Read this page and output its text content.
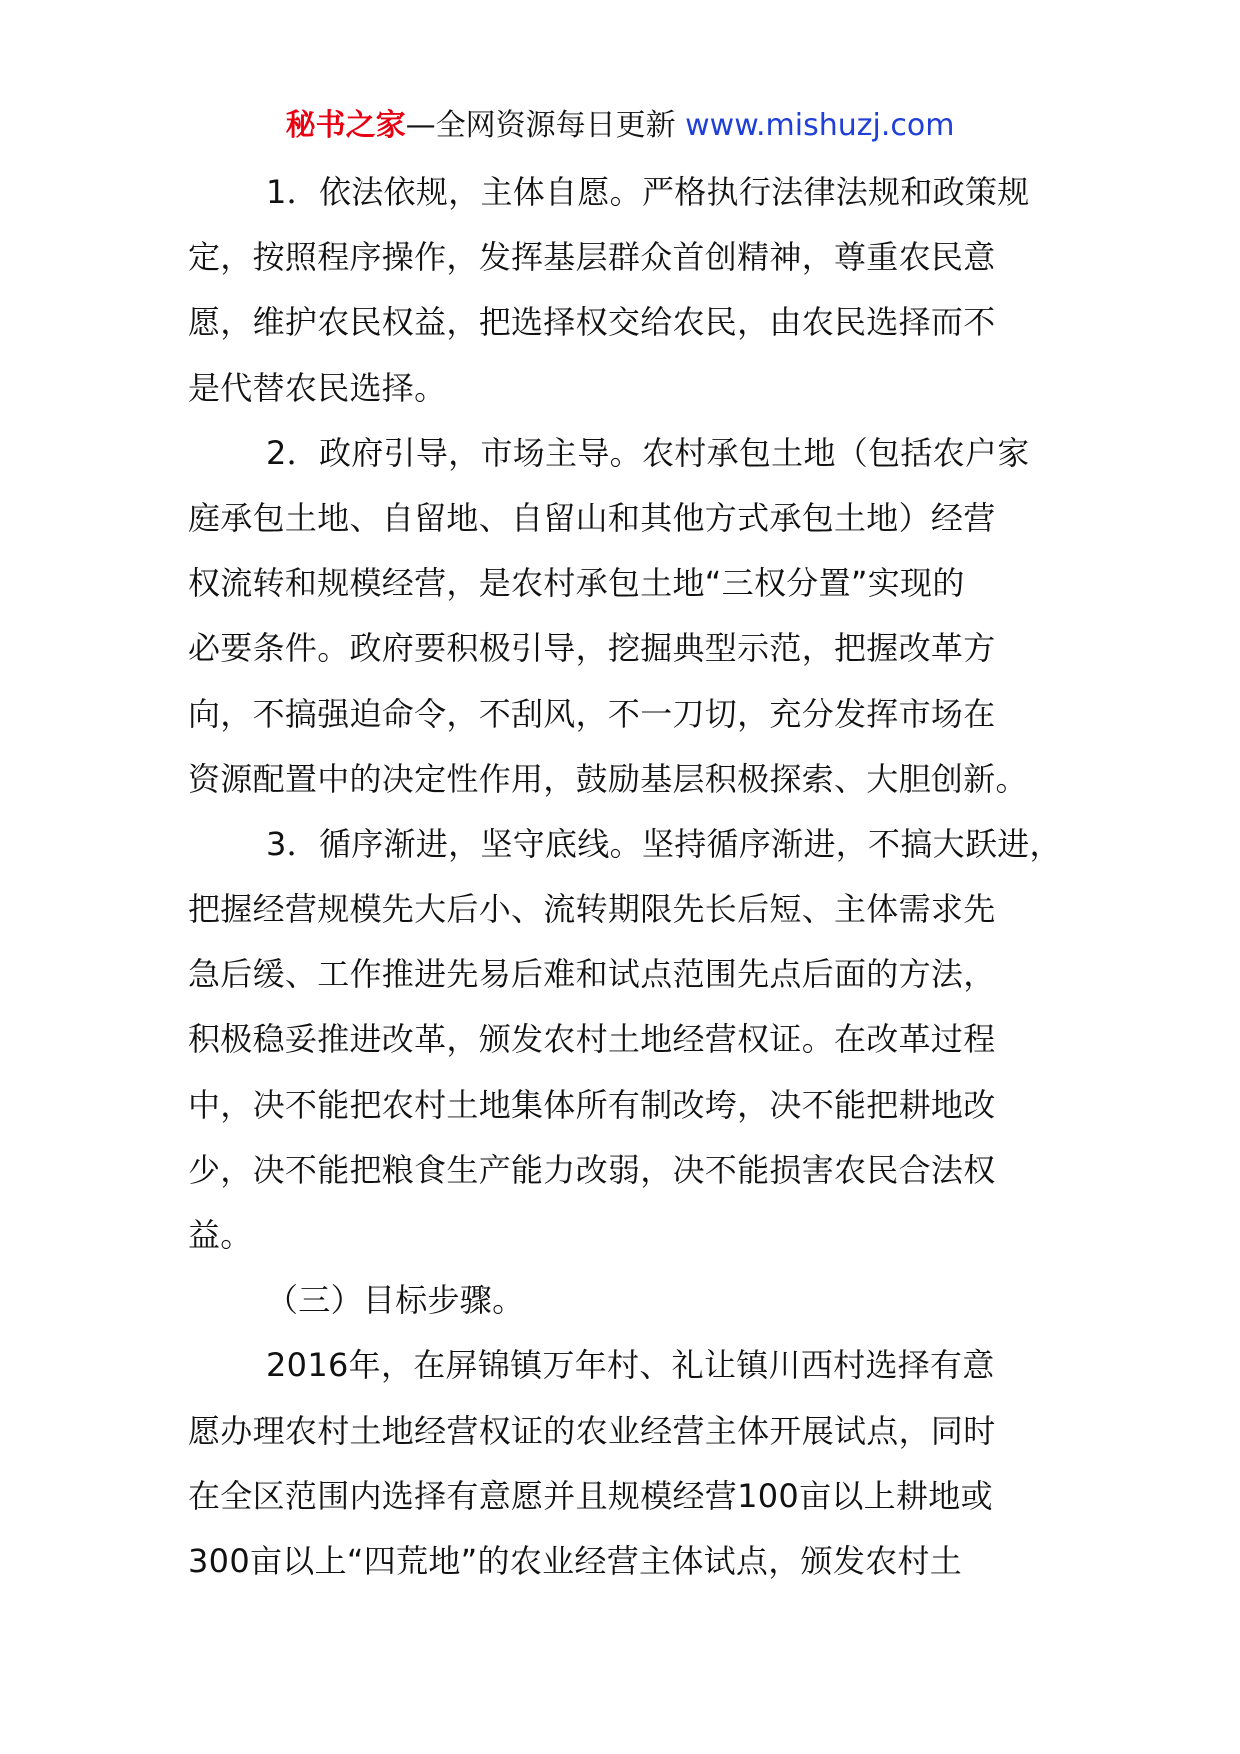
秘书之家—全网资源每日更新 www.mishuzj.com
1．依法依规，主体自愿。严格执行法律法规和政策规
定，按照程序操作，发挥基层群众首创精神，尊重农民意
愿，维护农民权益，把选择权交给农民，由农民选择而不
是代替农民选择。
2．政府引导，市场主导。农村承包土地（包括农户家
庭承包土地、自留地、自留山和其他方式承包土地）经营
权流转和规模经营，是农村承包土地“三权分置”实现的
必要条件。政府要积极引导，挖掘典型示范，把握改革方
向，不搞强迫命令，不刮风，不一刀切，充分发挥市场在
资源配置中的决定性作用，鼓励基层积极探索、大胆创新。
3．循序渐进，坚守底线。坚持循序渐进，不搞大跃进，
把握经营规模先大后小、流转期限先长后短、主体需求先
急后缓、工作推进先易后难和试点范围先点后面的方法，
积极稳妥推进改革，颁发农村土地经营权证。在改革过程
中，决不能把农村土地集体所有制改垮，决不能把耕地改
少，决不能把粮食生产能力改弱，决不能损害农民合法权
益。
（三）目标步骤。
2016年，在屏锦镇万年村、礼让镇川西村选择有意
愿办理农村土地经营权证的农业经营主体开展试点，同时
在全区范围内选择有意愿并且规模经营100亩以上耕地或
300亩以上“四荒地”的农业经营主体试点，颁发农村土
